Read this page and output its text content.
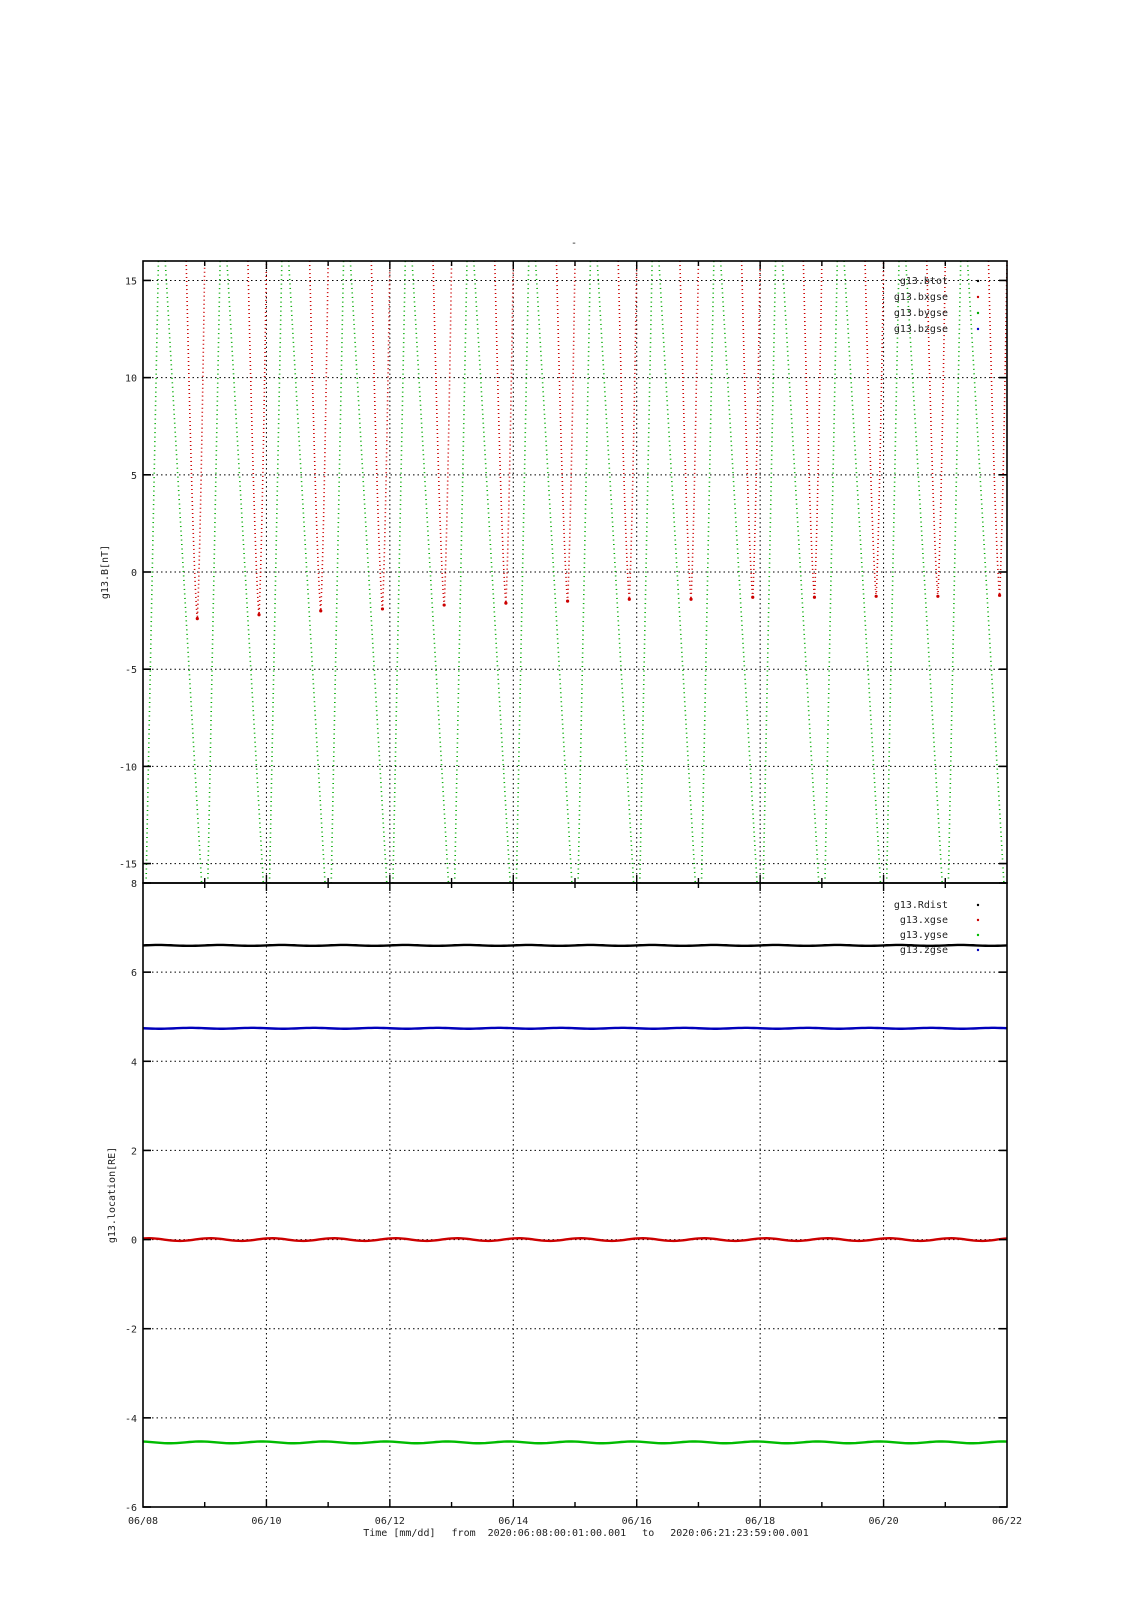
-
-15
-10
-5
0
5
10
15	g13.btot
g13.bxgse
g13.bygse
g13.bzgse
g13.B[nT]
-6
-4
-2
0
2
4
6
8
g13.Rdist
g13.xgse
g13.ygse
g13.zgse
g13.location[RE]
06/08	06/10	06/12	06/14	06/16	06/18	06/20	06/22
Time [mm/dd] from 2020:06:08:00:01:00.001 to 2020:06:21:23:59:00.001
